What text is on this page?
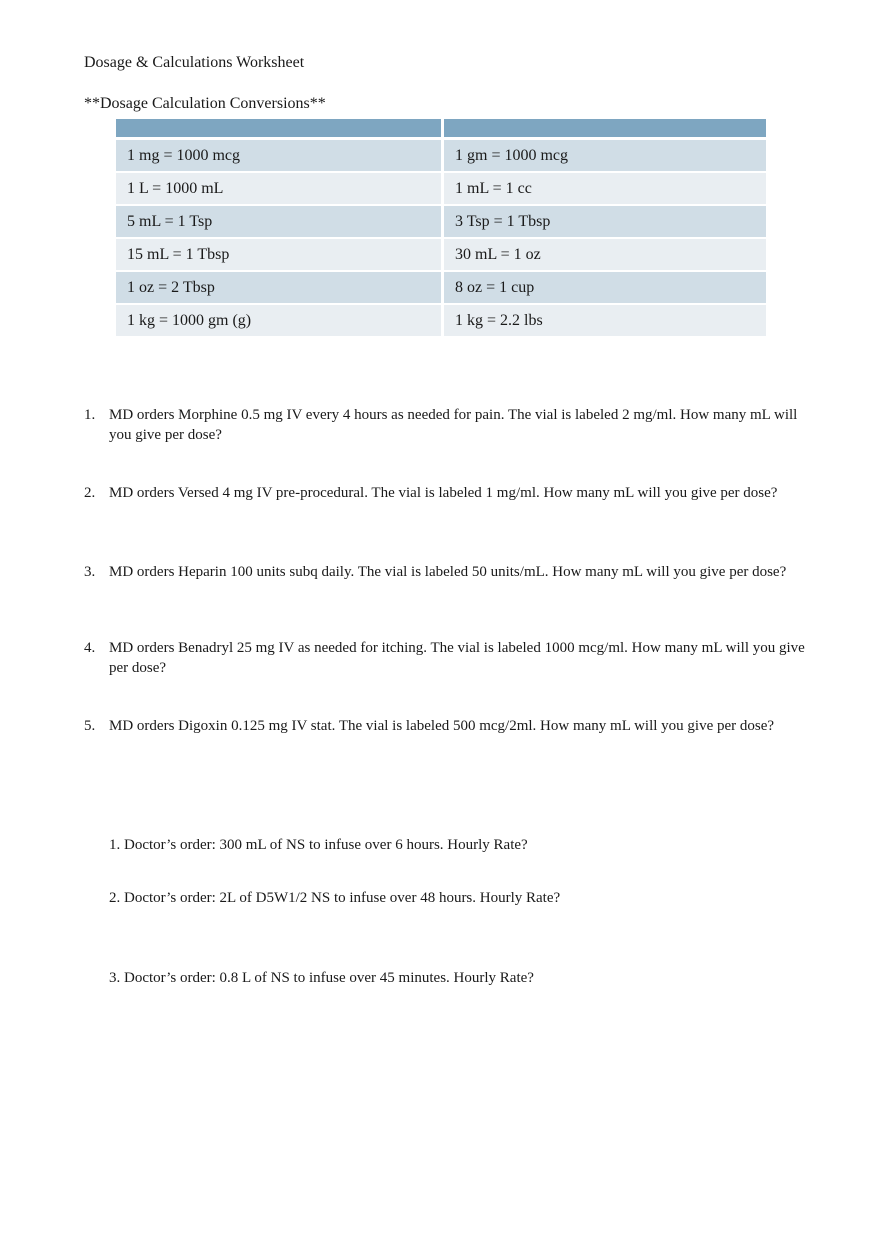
Dosage & Calculations Worksheet
**Dosage Calculation Conversions**

1 mg = 1000 mcg	1 gm = 1000 mcg
1 L = 1000 mL	1 mL = 1 cc
5 mL = 1 Tsp	3 Tsp = 1 Tbsp
15 mL = 1 Tbsp	30 mL = 1 oz
1 oz = 2 Tbsp	8 oz = 1 cup
1 kg = 1000 gm (g)	1 kg = 2.2 lbs
1. MD orders Morphine 0.5 mg IV every 4 hours as needed for pain. The vial is labeled 2 mg/ml. How many mL will you give per dose?
2. MD orders Versed 4 mg IV pre-procedural. The vial is labeled 1 mg/ml. How many mL will you give per dose?
3. MD orders Heparin 100 units subq daily. The vial is labeled 50 units/mL. How many mL will you give per dose?
4. MD orders Benadryl 25 mg IV as needed for itching. The vial is labeled 1000 mcg/ml. How many mL will you give per dose?
5. MD orders Digoxin 0.125 mg IV stat. The vial is labeled 500 mcg/2ml. How many mL will you give per dose?
1. Doctor’s order: 300 mL of NS to infuse over 6 hours. Hourly Rate?
2. Doctor’s order: 2L of D5W1/2 NS to infuse over 48 hours. Hourly Rate?
3. Doctor’s order: 0.8 L of NS to infuse over 45 minutes. Hourly Rate?
